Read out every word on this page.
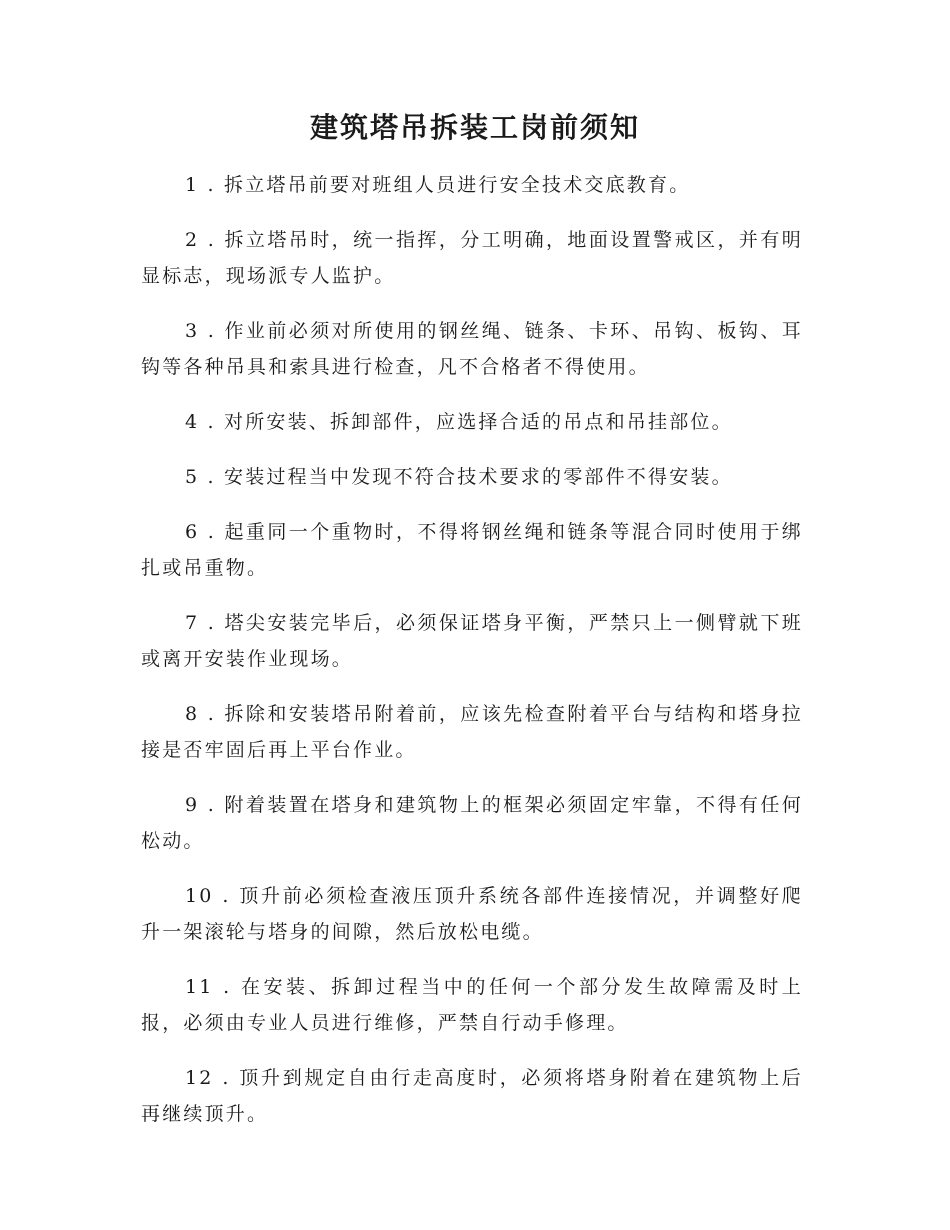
建筑塔吊拆装工岗前须知

1 . 拆立塔吊前要对班组人员进行安全技术交底教育。

2 . 拆立塔吊时，统一指挥，分工明确，地面设置警戒区，并有明显标志，现场派专人监护。

3 . 作业前必须对所使用的钢丝绳、链条、卡环、吊钩、板钩、耳钩等各种吊具和索具进行检查，凡不合格者不得使用。

4 . 对所安装、拆卸部件，应选择合适的吊点和吊挂部位。

5 . 安装过程当中发现不符合技术要求的零部件不得安装。

6 . 起重同一个重物时，不得将钢丝绳和链条等混合同时使用于绑扎或吊重物。

7 . 塔尖安装完毕后，必须保证塔身平衡，严禁只上一侧臂就下班或离开安装作业现场。

8 . 拆除和安装塔吊附着前，应该先检查附着平台与结构和塔身拉接是否牢固后再上平台作业。

9 . 附着装置在塔身和建筑物上的框架必须固定牢靠，不得有任何松动。

10 . 顶升前必须检查液压顶升系统各部件连接情况，并调整好爬升一架滚轮与塔身的间隙，然后放松电缆。

11 . 在安装、拆卸过程当中的任何一个部分发生故障需及时上报，必须由专业人员进行维修，严禁自行动手修理。

12 . 顶升到规定自由行走高度时，必须将塔身附着在建筑物上后再继续顶升。
